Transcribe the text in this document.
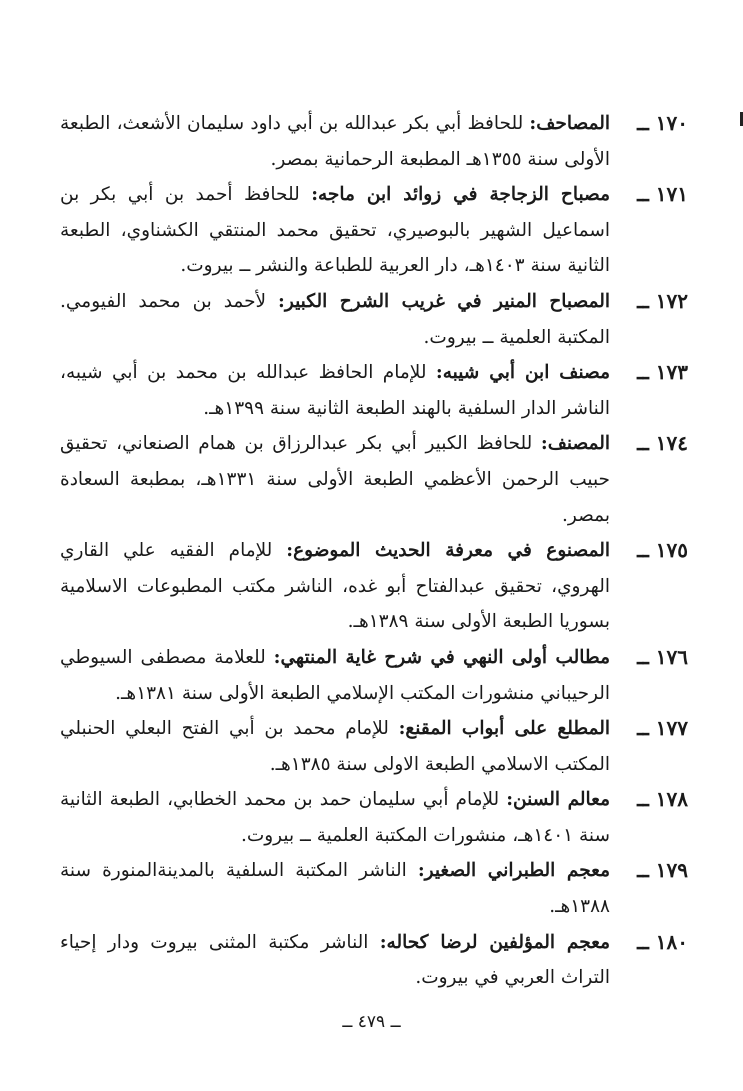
١٧٠ ــ
المصاحف: للحافظ أبي بكر عبدالله بن أبي داود سليمان الأشعث، الطبعة الأولى سنة ١٣٥٥هـ المطبعة الرحمانية بمصر.
١٧١ ــ
مصباح الزجاجة في زوائد ابن ماجه: للحافظ أحمد بن أبي بكر بن اسماعيل الشهير بالبوصيري، تحقيق محمد المنتقي الكشناوي، الطبعة الثانية سنة ١٤٠٣هـ، دار العربية للطباعة والنشر ــ بيروت.
١٧٢ ــ
المصباح المنير في غريب الشرح الكبير: لأحمد بن محمد الفيومي. المكتبة العلمية ــ بيروت.
١٧٣ ــ
مصنف ابن أبي شيبه: للإمام الحافظ عبدالله بن محمد بن أبي شيبه، الناشر الدار السلفية بالهند الطبعة الثانية سنة ١٣٩٩هـ.
١٧٤ ــ
المصنف: للحافظ الكبير أبي بكر عبدالرزاق بن همام الصنعاني، تحقيق حبيب الرحمن الأعظمي الطبعة الأولى سنة ١٣٣١هـ، بمطبعة السعادة بمصر.
١٧٥ ــ
المصنوع في معرفة الحديث الموضوع: للإمام الفقيه علي القاري الهروي، تحقيق عبدالفتاح أبو غده، الناشر مكتب المطبوعات الاسلامية بسوريا الطبعة الأولى سنة ١٣٨٩هـ.
١٧٦ ــ
مطالب أولى النهي في شرح غاية المنتهي: للعلامة مصطفى السيوطي الرحيباني منشورات المكتب الإسلامي الطبعة الأولى سنة ١٣٨١هـ.
١٧٧ ــ
المطلع على أبواب المقنع: للإمام محمد بن أبي الفتح البعلي الحنبلي المكتب الاسلامي الطبعة الاولى سنة ١٣٨٥هـ.
١٧٨ ــ
معالم السنن: للإمام أبي سليمان حمد بن محمد الخطابي، الطبعة الثانية سنة ١٤٠١هـ، منشورات المكتبة العلمية ــ بيروت.
١٧٩ ــ
معجم الطبراني الصغير: الناشر المكتبة السلفية بالمدينةالمنورة سنة ١٣٨٨هـ.
١٨٠ ــ
معجم المؤلفين لرضا كحاله: الناشر مكتبة المثنى بيروت ودار إحياء التراث العربي في بيروت.
ــ ٤٧٩ ــ
